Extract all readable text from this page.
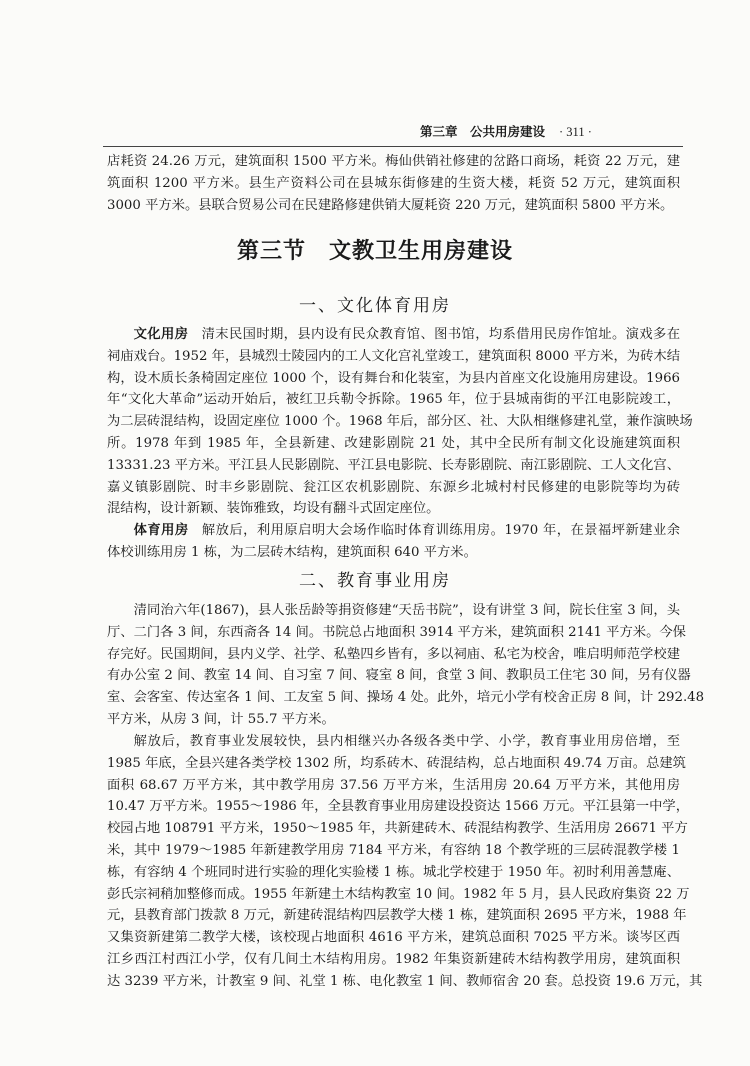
第三章　公共用房建设 · 311 ·
店耗资 24.26 万元，建筑面积 1500 平方米。梅仙供销社修建的岔路口商场，耗资 22 万元，建
筑面积 1200 平方米。县生产资料公司在县城东街修建的生资大楼，耗资 52 万元，建筑面积
3000 平方米。县联合贸易公司在民建路修建供销大厦耗资 220 万元，建筑面积 5800 平方米。
第三节　文教卫生用房建设
一、文化体育用房
文化用房 清末民国时期，县内设有民众教育馆、图书馆，均系借用民房作馆址。演戏多在
祠庙戏台。1952 年，县城烈士陵园内的工人文化宫礼堂竣工，建筑面积 8000 平方米，为砖木结
构，设木质长条椅固定座位 1000 个，设有舞台和化装室，为县内首座文化设施用房建设。1966
年“文化大革命”运动开始后，被红卫兵勒令拆除。1965 年，位于县城南街的平江电影院竣工，
为二层砖混结构，设固定座位 1000 个。1968 年后，部分区、社、大队相继修建礼堂，兼作演映场
所。1978 年到 1985 年，全县新建、改建影剧院 21 处，其中全民所有制文化设施建筑面积
13331.23 平方米。平江县人民影剧院、平江县电影院、长寿影剧院、南江影剧院、工人文化宫、
嘉义镇影剧院、时丰乡影剧院、瓮江区农机影剧院、东源乡北城村村民修建的电影院等均为砖
混结构，设计新颖、装饰雅致，均设有翻斗式固定座位。
体育用房 解放后，利用原启明大会场作临时体育训练用房。1970 年，在景福坪新建业余
体校训练用房 1 栋，为二层砖木结构，建筑面积 640 平方米。
二、教育事业用房
清同治六年(1867)，县人张岳龄等捐资修建“天岳书院”，设有讲堂 3 间，院长住室 3 间，头
厅、二门各 3 间，东西斋各 14 间。书院总占地面积 3914 平方米，建筑面积 2141 平方米。今保
存完好。民国期间，县内义学、社学、私塾四乡皆有，多以祠庙、私宅为校舍，唯启明师范学校建
有办公室 2 间、教室 14 间、自习室 7 间、寝室 8 间，食堂 3 间、教职员工住宅 30 间，另有仪器
室、会客室、传达室各 1 间、工友室 5 间、操场 4 处。此外，培元小学有校舍正房 8 间，计 292.48
平方米，从房 3 间，计 55.7 平方米。
解放后，教育事业发展较快，县内相继兴办各级各类中学、小学，教育事业用房倍增，至
1985 年底，全县兴建各类学校 1302 所，均系砖木、砖混结构，总占地面积 49.74 万亩。总建筑
面积 68.67 万平方米，其中教学用房 37.56 万平方米，生活用房 20.64 万平方米，其他用房
10.47 万平方米。1955～1986 年，全县教育事业用房建设投资达 1566 万元。平江县第一中学，
校园占地 108791 平方米，1950～1985 年，共新建砖木、砖混结构教学、生活用房 26671 平方
米，其中 1979～1985 年新建教学用房 7184 平方米，有容纳 18 个教学班的三层砖混教学楼 1
栋，有容纳 4 个班同时进行实验的理化实验楼 1 栋。城北学校建于 1950 年。初时利用善慧庵、
彭氏宗祠稍加整修而成。1955 年新建土木结构教室 10 间。1982 年 5 月，县人民政府集资 22 万
元，县教育部门拨款 8 万元，新建砖混结构四层教学大楼 1 栋，建筑面积 2695 平方米，1988 年
又集资新建第二教学大楼，该校现占地面积 4616 平方米，建筑总面积 7025 平方米。谈岑区西
江乡西江村西江小学，仅有几间土木结构用房。1982 年集资新建砖木结构教学用房，建筑面积
达 3239 平方米，计教室 9 间、礼堂 1 栋、电化教室 1 间、教师宿舍 20 套。总投资 19.6 万元，其
